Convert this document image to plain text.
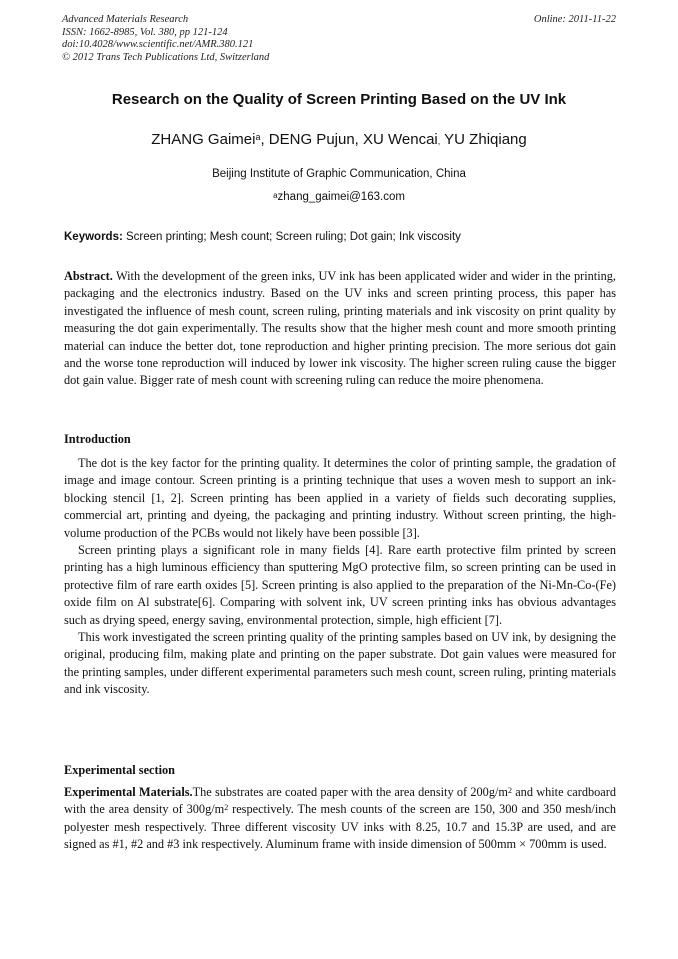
Advanced Materials Research
ISSN: 1662-8985, Vol. 380, pp 121-124
doi:10.4028/www.scientific.net/AMR.380.121
© 2012 Trans Tech Publications Ltd, Switzerland
Online: 2011-11-22
Research on the Quality of Screen Printing Based on the UV Ink
ZHANG Gaimei$^a$, DENG Pujun, XU Wencai, YU Zhiqiang
Beijing Institute of Graphic Communication, China
$^a$zhang_gaimei@163.com
Keywords: Screen printing; Mesh count; Screen ruling; Dot gain; Ink viscosity

Abstract. With the development of the green inks, UV ink has been applicated wider and wider in the printing, packaging and the electronics industry. Based on the UV inks and screen printing process, this paper has investigated the influence of mesh count, screen ruling, printing materials and ink viscosity on print quality by measuring the dot gain experimentally. The results show that the higher mesh count and more smooth printing material can induce the better dot, tone reproduction and higher printing precision. The more serious dot gain and the worse tone reproduction will induced by lower ink viscosity. The higher screen ruling cause the bigger dot gain value. Bigger rate of mesh count with screening ruling can reduce the moire phenomena.

Introduction

The dot is the key factor for the printing quality. It determines the color of printing sample, the gradation of image and image contour. Screen printing is a printing technique that uses a woven mesh to support an ink-blocking stencil [1, 2]. Screen printing has been applied in a variety of fields such decorating supplies, commercial art, printing and dyeing, the packaging and printing industry. Without screen printing, the high-volume production of the PCBs would not likely have been possible [3].

Screen printing plays a significant role in many fields [4]. Rare earth protective film printed by screen printing has a high luminous efficiency than sputtering MgO protective film, so screen printing can be used in protective film of rare earth oxides [5]. Screen printing is also applied to the preparation of the Ni-Mn-Co-(Fe) oxide film on Al substrate[6]. Comparing with solvent ink, UV screen printing inks has obvious advantages such as drying speed, energy saving, environmental protection, simple, high efficient [7].

This work investigated the screen printing quality of the printing samples based on UV ink, by designing the original, producing film, making plate and printing on the paper substrate. Dot gain values were measured for the printing samples, under different experimental parameters such mesh count, screen ruling, printing materials and ink viscosity.

Experimental section

Experimental Materials.The substrates are coated paper with the area density of $200g/m^2$ and white cardboard with the area density of $300g/m^2$ respectively. The mesh counts of the screen are 150, 300 and 350 mesh/inch polyester mesh respectively. Three different viscosity UV inks with 8.25, 10.7 and 15.3P are used, and are signed as #1, #2 and #3 ink respectively. Aluminum frame with inside dimension of 500mm × 700mm is used.
